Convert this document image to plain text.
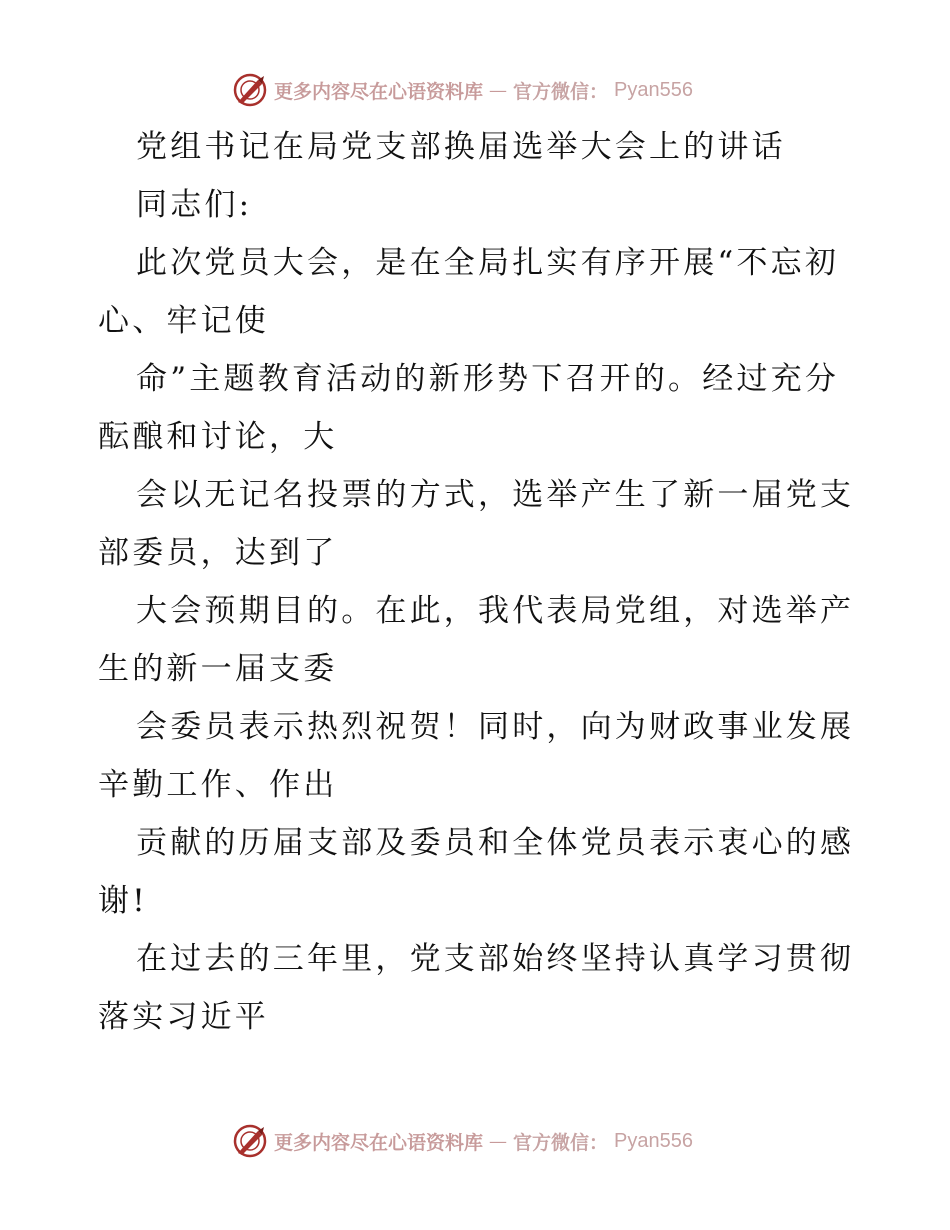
更多内容尽在心语资料库 — 官方微信： Pyan556
党组书记在局党支部换届选举大会上的讲话
同志们:
此次党员大会，是在全局扎实有序开展“不忘初
心、牢记使
命”主题教育活动的新形势下召开的。经过充分
酝酿和讨论，大
会以无记名投票的方式，选举产生了新一届党支
部委员，达到了
大会预期目的。在此，我代表局党组，对选举产
生的新一届支委
会委员表示热烈祝贺！同时，向为财政事业发展
辛勤工作、作出
贡献的历届支部及委员和全体党员表示衷心的感
谢!
在过去的三年里，党支部始终坚持认真学习贯彻
落实习近平
更多内容尽在心语资料库 — 官方微信： Pyan556
